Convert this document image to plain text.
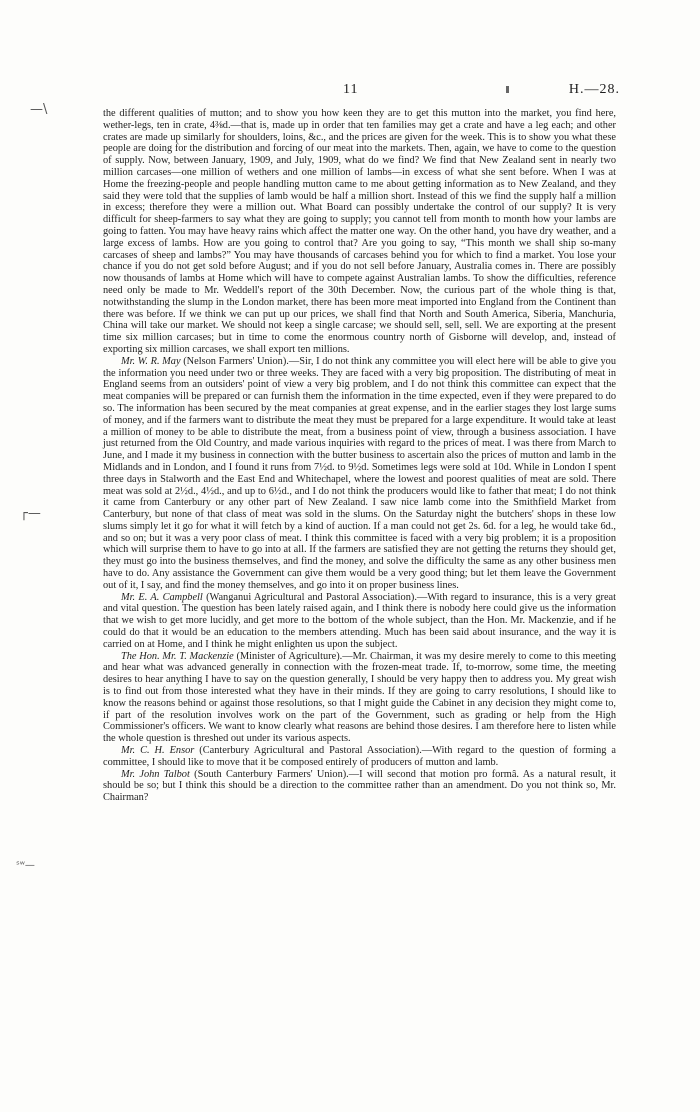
11	H.—28.
—\
┌—
ˢʷ—

the different qualities of mutton; and to show you how keen they are to get this mutton into the market, you find here, wether-legs, ten in crate, 4⅜d.—that is, made up in order that ten families may get a crate and have a leg each; and other crates are made up similarly for shoulders, loins, &c., and the prices are given for the week. This is to show you what these people are doing for the distribution and forcing of our meat into the markets. Then, again, we have to come to the question of supply. Now, between January, 1909, and July, 1909, what do we find? We find that New Zealand sent in nearly two million carcases—one million of wethers and one million of lambs—in excess of what she sent before. When I was at Home the freezing-people and people handling mutton came to me about getting information as to New Zealand, and they said they were told that the supplies of lamb would be half a million short. Instead of this we find the supply half a million in excess; therefore they were a million out. What Board can possibly undertake the control of our supply? It is very difficult for sheep-farmers to say what they are going to supply; you cannot tell from month to month how your lambs are going to fatten. You may have heavy rains which affect the matter one way. On the other hand, you have dry weather, and a large excess of lambs. How are you going to control that? Are you going to say, “This month we shall ship so-many carcases of sheep and lambs?” You may have thousands of carcases behind you for which to find a market. You lose your chance if you do not get sold before August; and if you do not sell before January, Australia comes in. There are possibly now thousands of lambs at Home which will have to compete against Australian lambs. To show the difficulties, reference need only be made to Mr. Weddell's report of the 30th December. Now, the curious part of the whole thing is that, notwithstanding the slump in the London market, there has been more meat imported into England from the Continent than there was before. If we think we can put up our prices, we shall find that North and South America, Siberia, Manchuria, China will take our market. We should not keep a single carcase; we should sell, sell, sell. We are exporting at the present time six million carcases; but in time to come the enormous country north of Gisborne will develop, and, instead of exporting six million carcases, we shall export ten millions.

Mr. W. R. May (Nelson Farmers' Union).—Sir, I do not think any committee you will elect here will be able to give you the information you need under two or three weeks. They are faced with a very big proposition. The distributing of meat in England seems from an outsiders' point of view a very big problem, and I do not think this committee can expect that the meat companies will be prepared or can furnish them the information in the time expected, even if they were prepared to do so. The information has been secured by the meat companies at great expense, and in the earlier stages they lost large sums of money, and if the farmers want to distribute the meat they must be prepared for a large expenditure. It would take at least a million of money to be able to distribute the meat, from a business point of view, through a business association. I have just returned from the Old Country, and made various inquiries with regard to the prices of meat. I was there from March to June, and I made it my business in connection with the butter business to ascertain also the prices of mutton and lamb in the Midlands and in London, and I found it runs from 7½d. to 9½d. Sometimes legs were sold at 10d. While in London I spent three days in Stalworth and the East End and Whitechapel, where the lowest and poorest qualities of meat are sold. There meat was sold at 2½d., 4½d., and up to 6½d., and I do not think the producers would like to father that meat; I do not think it came from Canterbury or any other part of New Zealand. I saw nice lamb come into the Smithfield Market from Canterbury, but none of that class of meat was sold in the slums. On the Saturday night the butchers' shops in these low slums simply let it go for what it will fetch by a kind of auction. If a man could not get 2s. 6d. for a leg, he would take 6d., and so on; but it was a very poor class of meat. I think this committee is faced with a very big problem; it is a proposition which will surprise them to have to go into at all. If the farmers are satisfied they are not getting the returns they should get, they must go into the business themselves, and find the money, and solve the difficulty the same as any other business men have to do. Any assistance the Government can give them would be a very good thing; but let them leave the Government out of it, I say, and find the money themselves, and go into it on proper business lines.

Mr. E. A. Campbell (Wanganui Agricultural and Pastoral Association).—With regard to insurance, this is a very great and vital question. The question has been lately raised again, and I think there is nobody here could give us the information that we wish to get more lucidly, and get more to the bottom of the whole subject, than the Hon. Mr. Mackenzie, and if he could do that it would be an education to the members attending. Much has been said about insurance, and the way it is carried on at Home, and I think he might enlighten us upon the subject.

The Hon. Mr. T. Mackenzie (Minister of Agriculture).—Mr. Chairman, it was my desire merely to come to this meeting and hear what was advanced generally in connection with the frozen-meat trade. If, to-morrow, some time, the meeting desires to hear anything I have to say on the question generally, I should be very happy then to address you. My great wish is to find out from those interested what they have in their minds. If they are going to carry resolutions, I should like to know the reasons behind or against those resolutions, so that I might guide the Cabinet in any decision they might come to, if part of the resolution involves work on the part of the Government, such as grading or help from the High Commissioner's officers. We want to know clearly what reasons are behind those desires. I am therefore here to listen while the whole question is threshed out under its various aspects.

Mr. C. H. Ensor (Canterbury Agricultural and Pastoral Association).—With regard to the question of forming a committee, I should like to move that it be composed entirely of producers of mutton and lamb.

Mr. John Talbot (South Canterbury Farmers' Union).—I will second that motion pro formâ. As a natural result, it should be so; but I think this should be a direction to the committee rather than an amendment. Do you not think so, Mr. Chairman?
